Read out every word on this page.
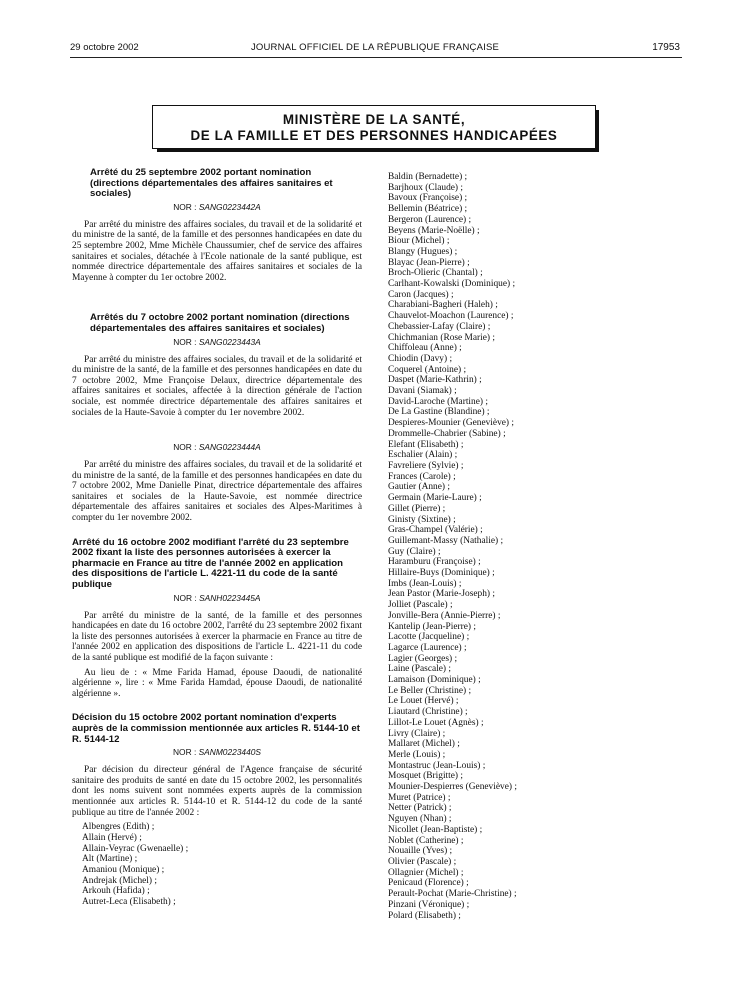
29 octobre 2002	JOURNAL OFFICIEL DE LA RÉPUBLIQUE FRANÇAISE	17953
MINISTÈRE DE LA SANTÉ,
DE LA FAMILLE ET DES PERSONNES HANDICAPÉES
Arrêté du 25 septembre 2002 portant nomination (directions départementales des affaires sanitaires et sociales)
NOR : SANG0223442A

Par arrêté du ministre des affaires sociales, du travail et de la solidarité et du ministre de la santé, de la famille et des personnes handicapées en date du 25 septembre 2002, Mme Michèle Chaussumier, chef de service des affaires sanitaires et sociales, détachée à l'Ecole nationale de la santé publique, est nommée directrice départementale des affaires sanitaires et sociales de la Mayenne à compter du 1er octobre 2002.

Arrêtés du 7 octobre 2002 portant nomination (directions départementales des affaires sanitaires et sociales)
NOR : SANG0223443A

Par arrêté du ministre des affaires sociales, du travail et de la solidarité et du ministre de la santé, de la famille et des personnes handicapées en date du 7 octobre 2002, Mme Françoise Delaux, directrice départementale des affaires sanitaires et sociales, affectée à la direction générale de l'action sociale, est nommée directrice départementale des affaires sanitaires et sociales de la Haute-Savoie à compter du 1er novembre 2002.

NOR : SANG0223444A

Par arrêté du ministre des affaires sociales, du travail et de la solidarité et du ministre de la santé, de la famille et des personnes handicapées en date du 7 octobre 2002, Mme Danielle Pinat, directrice départementale des affaires sanitaires et sociales de la Haute-Savoie, est nommée directrice départementale des affaires sanitaires et sociales des Alpes-Maritimes à compter du 1er novembre 2002.

Arrêté du 16 octobre 2002 modifiant l'arrêté du 23 septembre 2002 fixant la liste des personnes autorisées à exercer la pharmacie en France au titre de l'année 2002 en application des dispositions de l'article L. 4221-11 du code de la santé publique
NOR : SANH0223445A

Par arrêté du ministre de la santé, de la famille et des personnes handicapées en date du 16 octobre 2002, l'arrêté du 23 septembre 2002 fixant la liste des personnes autorisées à exercer la pharmacie en France au titre de l'année 2002 en application des dispositions de l'article L. 4221-11 du code de la santé publique est modifié de la façon suivante :

Au lieu de : « Mme Farida Hamad, épouse Daoudi, de nationalité algérienne », lire : « Mme Farida Hamdad, épouse Daoudi, de nationalité algérienne ».

Décision du 15 octobre 2002 portant nomination d'experts auprès de la commission mentionnée aux articles R. 5144-10 et R. 5144-12
NOR : SANM0223440S

Par décision du directeur général de l'Agence française de sécurité sanitaire des produits de santé en date du 15 octobre 2002, les personnalités dont les noms suivent sont nommées experts auprès de la commission mentionnée aux articles R. 5144-10 et R. 5144-12 du code de la santé publique au titre de l'année 2002 :

Albengres (Edith) ;
Allain (Hervé) ;
Allain-Veyrac (Gwenaelle) ;
Alt (Martine) ;
Amaniou (Monique) ;
Andrejak (Michel) ;
Arkouh (Hafida) ;
Autret-Leca (Elisabeth) ;
Baldin (Bernadette) ;
Barjhoux (Claude) ;
Bavoux (Françoise) ;
Bellemin (Béatrice) ;
Bergeron (Laurence) ;
Beyens (Marie-Noëlle) ;
Biour (Michel) ;
Blangy (Hugues) ;
Blayac (Jean-Pierre) ;
Broch-Olieric (Chantal) ;
Carlhant-Kowalski (Dominique) ;
Caron (Jacques) ;
Charabiani-Bagheri (Haleh) ;
Chauvelot-Moachon (Laurence) ;
Chebassier-Lafay (Claire) ;
Chichmanian (Rose Marie) ;
Chiffoleau (Anne) ;
Chiodin (Davy) ;
Coquerel (Antoine) ;
Daspet (Marie-Kathrin) ;
Davani (Siamak) ;
David-Laroche (Martine) ;
De La Gastine (Blandine) ;
Despieres-Mounier (Geneviève) ;
Drommelle-Chabrier (Sabine) ;
Elefant (Elisabeth) ;
Eschalier (Alain) ;
Favreliere (Sylvie) ;
Frances (Carole) ;
Gautier (Anne) ;
Germain (Marie-Laure) ;
Gillet (Pierre) ;
Ginisty (Sixtine) ;
Gras-Champel (Valérie) ;
Guillemant-Massy (Nathalie) ;
Guy (Claire) ;
Haramburu (Françoise) ;
Hillaire-Buys (Dominique) ;
Imbs (Jean-Louis) ;
Jean Pastor (Marie-Joseph) ;
Jolliet (Pascale) ;
Jonville-Bera (Annie-Pierre) ;
Kantelip (Jean-Pierre) ;
Lacotte (Jacqueline) ;
Lagarce (Laurence) ;
Lagier (Georges) ;
Laine (Pascale) ;
Lamaison (Dominique) ;
Le Beller (Christine) ;
Le Louet (Hervé) ;
Liautard (Christine) ;
Lillot-Le Louet (Agnès) ;
Livry (Claire) ;
Mallaret (Michel) ;
Merle (Louis) ;
Montastruc (Jean-Louis) ;
Mosquet (Brigitte) ;
Mounier-Despierres (Geneviève) ;
Muret (Patrice) ;
Netter (Patrick) ;
Nguyen (Nhan) ;
Nicollet (Jean-Baptiste) ;
Noblet (Catherine) ;
Nouaille (Yves) ;
Olivier (Pascale) ;
Ollagnier (Michel) ;
Penicaud (Florence) ;
Perault-Pochat (Marie-Christine) ;
Pinzani (Véronique) ;
Polard (Elisabeth) ;
